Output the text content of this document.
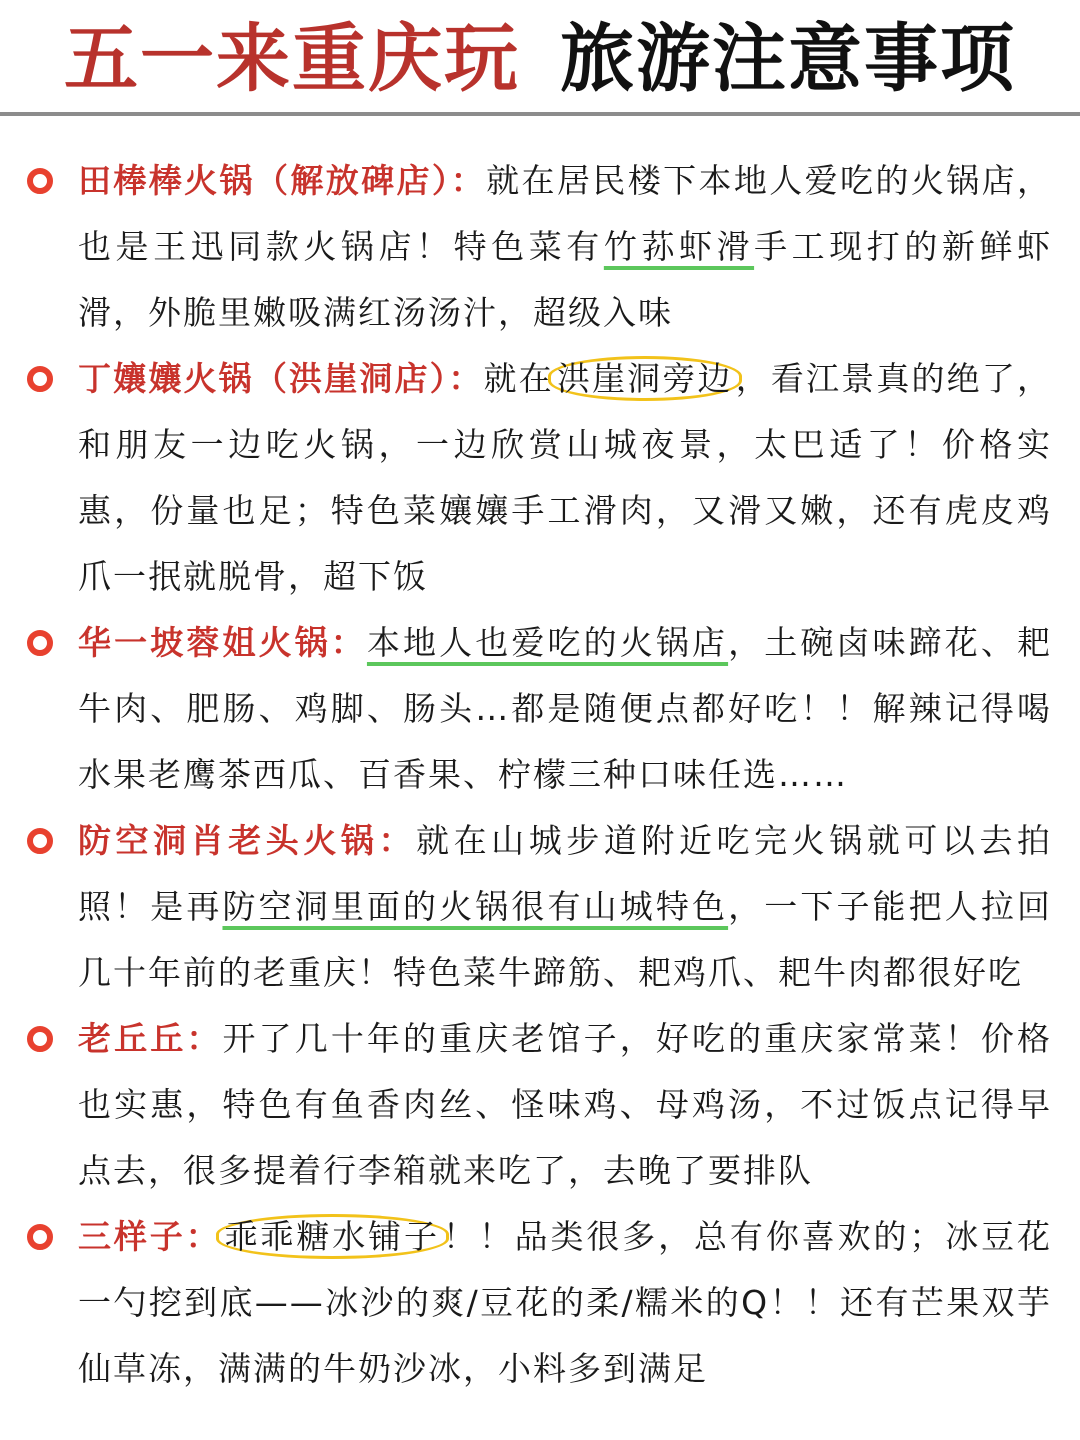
五一来重庆玩 旅游注意事项
田棒棒火锅（解放碑店）：就在居民楼下本地人爱吃的火锅店，也是王迅同款火锅店！特色菜有竹荪虾滑手工现打的新鲜虾滑，外脆里嫩吸满红汤汤汁，超级入味
丁孃孃火锅（洪崖洞店）：就在洪崖洞旁边，看江景真的绝了，和朋友一边吃火锅，一边欣赏山城夜景，太巴适了！价格实惠，份量也足；特色菜孃孃手工滑肉，又滑又嫩，还有虎皮鸡爪一抿就脱骨，超下饭
华一坡蓉姐火锅：本地人也爱吃的火锅店，土碗卤味蹄花、耙牛肉、肥肠、鸡脚、肠头…都是随便点都好吃！！解辣记得喝水果老鹰茶西瓜、百香果、柠檬三种口味任选……
防空洞肖老头火锅：就在山城步道附近吃完火锅就可以去拍照！是再防空洞里面的火锅很有山城特色，一下子能把人拉回几十年前的老重庆！特色菜牛蹄筋、耙鸡爪、耙牛肉都很好吃
老丘丘：开了几十年的重庆老馆子，好吃的重庆家常菜！价格也实惠，特色有鱼香肉丝、怪味鸡、母鸡汤，不过饭点记得早点去，很多提着行李箱就来吃了，去晚了要排队
三样子：乖乖糖水铺子！！品类很多，总有你喜欢的；冰豆花一勺挖到底——冰沙的爽/豆花的柔/糯米的Q！！还有芒果双芋仙草冻，满满的牛奶沙冰，小料多到满足
